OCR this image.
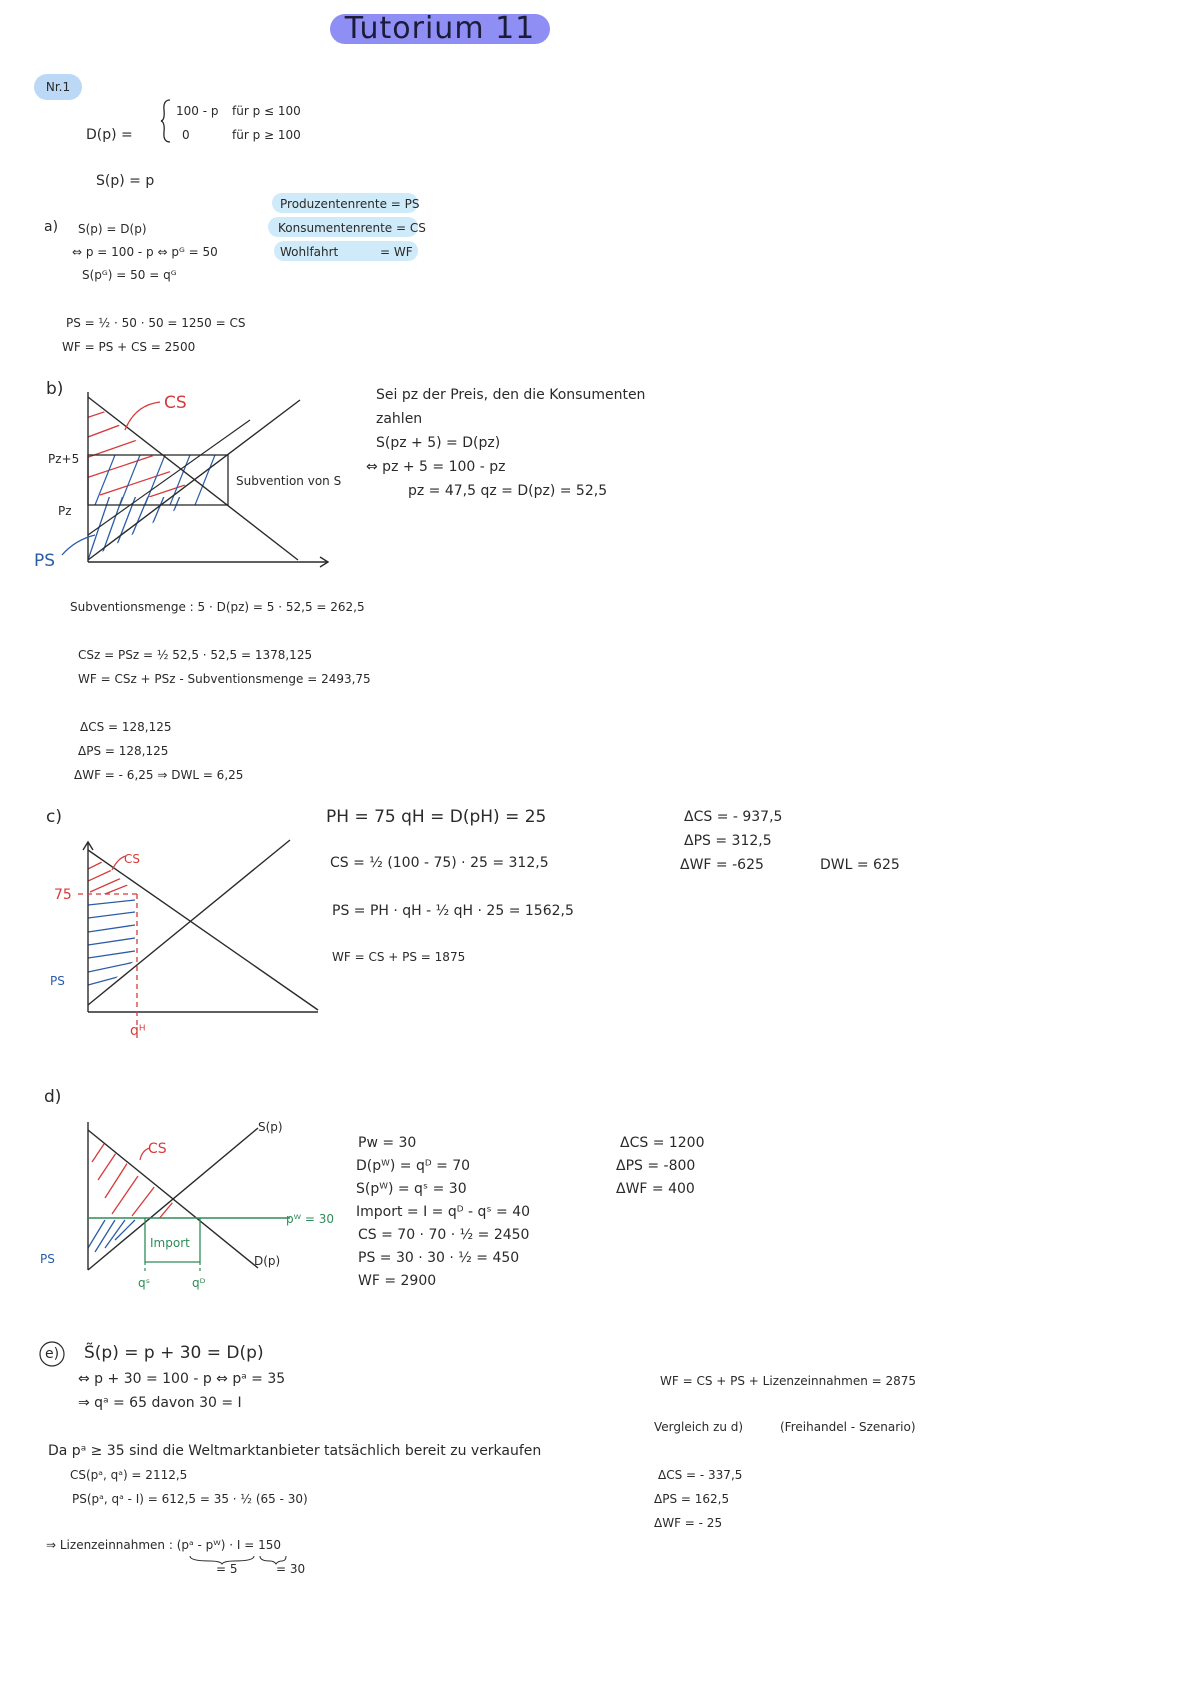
Tutorium 11
Nr.1
D(p) =
100 - p für p ≤ 100
0	für p ≥ 100
S(p) = p
Produzentenrente = PS
Konsumentenrente = CS
Wohlfahrt	= WF
a) S(p) = D(p)
⇔ p = 100 - p ⇔ pᴳ = 50
S(pᴳ) = 50 = qᴳ
PS = ½ · 50 · 50 = 1250 = CS
WF = PS + CS = 2500
b)
CS
PS
Pz+5
Pz
Subvention von S
Sei pz der Preis, den die Konsumenten
zahlen
S(pz + 5) = D(pz)
⇔ pz + 5 = 100 - pz
pz = 47,5 qz = D(pz) = 52,5
Subventionsmenge : 5 · D(pz) = 5 · 52,5 = 262,5
CSz = PSz = ½ 52,5 · 52,5 = 1378,125
WF = CSz + PSz - Subventionsmenge = 2493,75
ΔCS = 128,125
ΔPS = 128,125
ΔWF = - 6,25 ⇒ DWL = 6,25
c)
CS
75
PS
qᴴ
PH = 75 qH = D(pH) = 25
CS = ½ (100 - 75) · 25 = 312,5
PS = PH · qH - ½ qH · 25 = 1562,5
WF = CS + PS = 1875
ΔCS = - 937,5
ΔPS = 312,5
ΔWF = -625	DWL = 625
d)
S(p)
CS
pᵂ = 30
Import
D(p)
PS
qˢ	qᴰ
Pw = 30
D(pᵂ) = qᴰ = 70
S(pᵂ) = qˢ = 30
Import = I = qᴰ - qˢ = 40
CS = 70 · 70 · ½ = 2450
PS = 30 · 30 · ½ = 450
WF = 2900
ΔCS = 1200
ΔPS = -800
ΔWF = 400
e) S̃(p) = p + 30 = D(p)
⇔ p + 30 = 100 - p ⇔ pᵃ = 35
⇒ qᵃ = 65 davon 30 = I
Da pᵃ ≥ 35 sind die Weltmarktanbieter tatsächlich bereit zu verkaufen
CS(pᵃ, qᵃ) = 2112,5
PS(pᵃ, qᵃ - I) = 612,5 = 35 · ½ (65 - 30)
⇒ Lizenzeinnahmen : (pᵃ - pᵂ) · I = 150
= 5	= 30
WF = CS + PS + Lizenzeinnahmen = 2875
Vergleich zu d)	(Freihandel - Szenario)
ΔCS = - 337,5
ΔPS = 162,5
ΔWF = - 25
